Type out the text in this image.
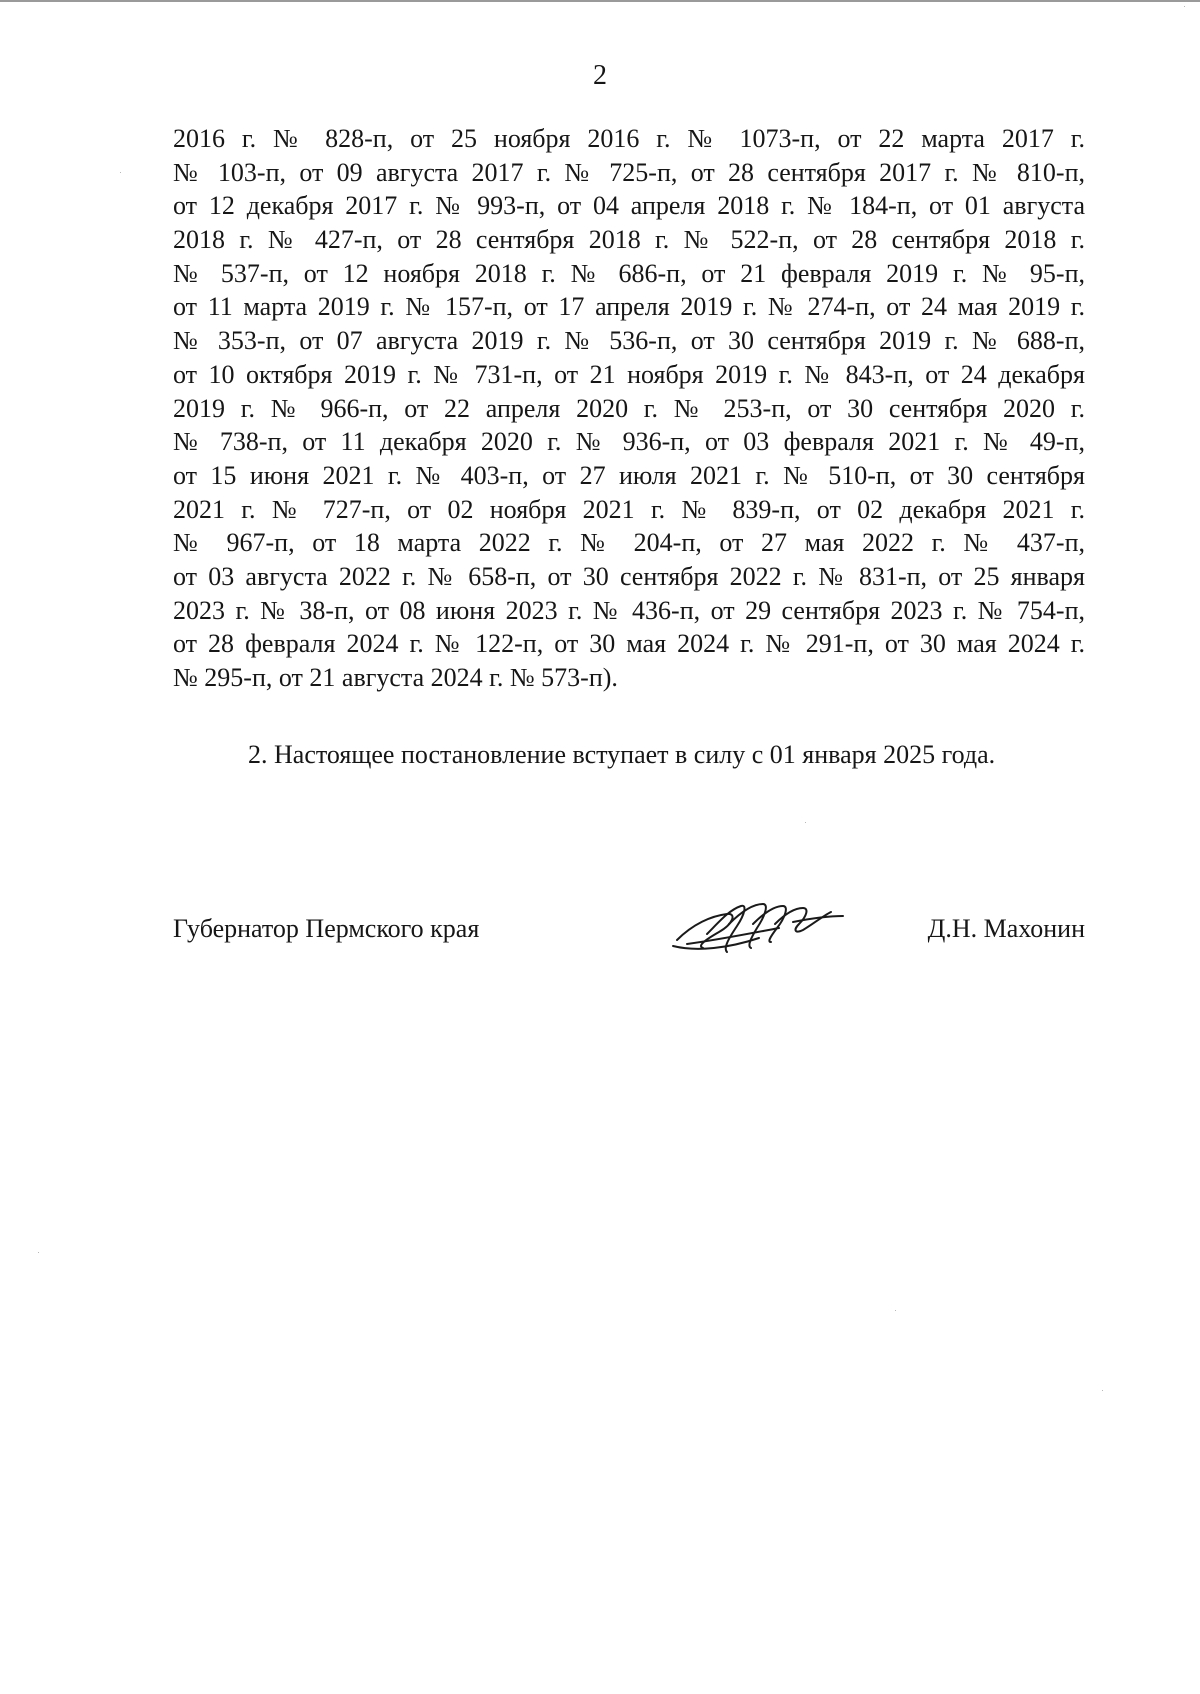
2
2016 г. № 828-п, от 25 ноября 2016 г. № 1073-п, от 22 марта 2017 г.
№ 103-п, от 09 августа 2017 г. № 725-п, от 28 сентября 2017 г. № 810-п,
от 12 декабря 2017 г. № 993-п, от 04 апреля 2018 г. № 184-п, от 01 августа
2018 г. № 427-п, от 28 сентября 2018 г. № 522-п, от 28 сентября 2018 г.
№ 537-п, от 12 ноября 2018 г. № 686-п, от 21 февраля 2019 г. № 95-п,
от 11 марта 2019 г. № 157-п, от 17 апреля 2019 г. № 274-п, от 24 мая 2019 г.
№ 353-п, от 07 августа 2019 г. № 536-п, от 30 сентября 2019 г. № 688-п,
от 10 октября 2019 г. № 731-п, от 21 ноября 2019 г. № 843-п, от 24 декабря
2019 г. № 966-п, от 22 апреля 2020 г. № 253-п, от 30 сентября 2020 г.
№ 738-п, от 11 декабря 2020 г. № 936-п, от 03 февраля 2021 г. № 49-п,
от 15 июня 2021 г. № 403-п, от 27 июля 2021 г. № 510-п, от 30 сентября
2021 г. № 727-п, от 02 ноября 2021 г. № 839-п, от 02 декабря 2021 г.
№ 967-п, от 18 марта 2022 г. № 204-п, от 27 мая 2022 г. № 437-п,
от 03 августа 2022 г. № 658-п, от 30 сентября 2022 г. № 831-п, от 25 января
2023 г. № 38-п, от 08 июня 2023 г. № 436-п, от 29 сентября 2023 г. № 754-п,
от 28 февраля 2024 г. № 122-п, от 30 мая 2024 г. № 291-п, от 30 мая 2024 г.
№ 295-п, от 21 августа 2024 г. № 573-п).
2. Настоящее постановление вступает в силу с 01 января 2025 года.
Губернатор Пермского края	Д.Н. Махонин
